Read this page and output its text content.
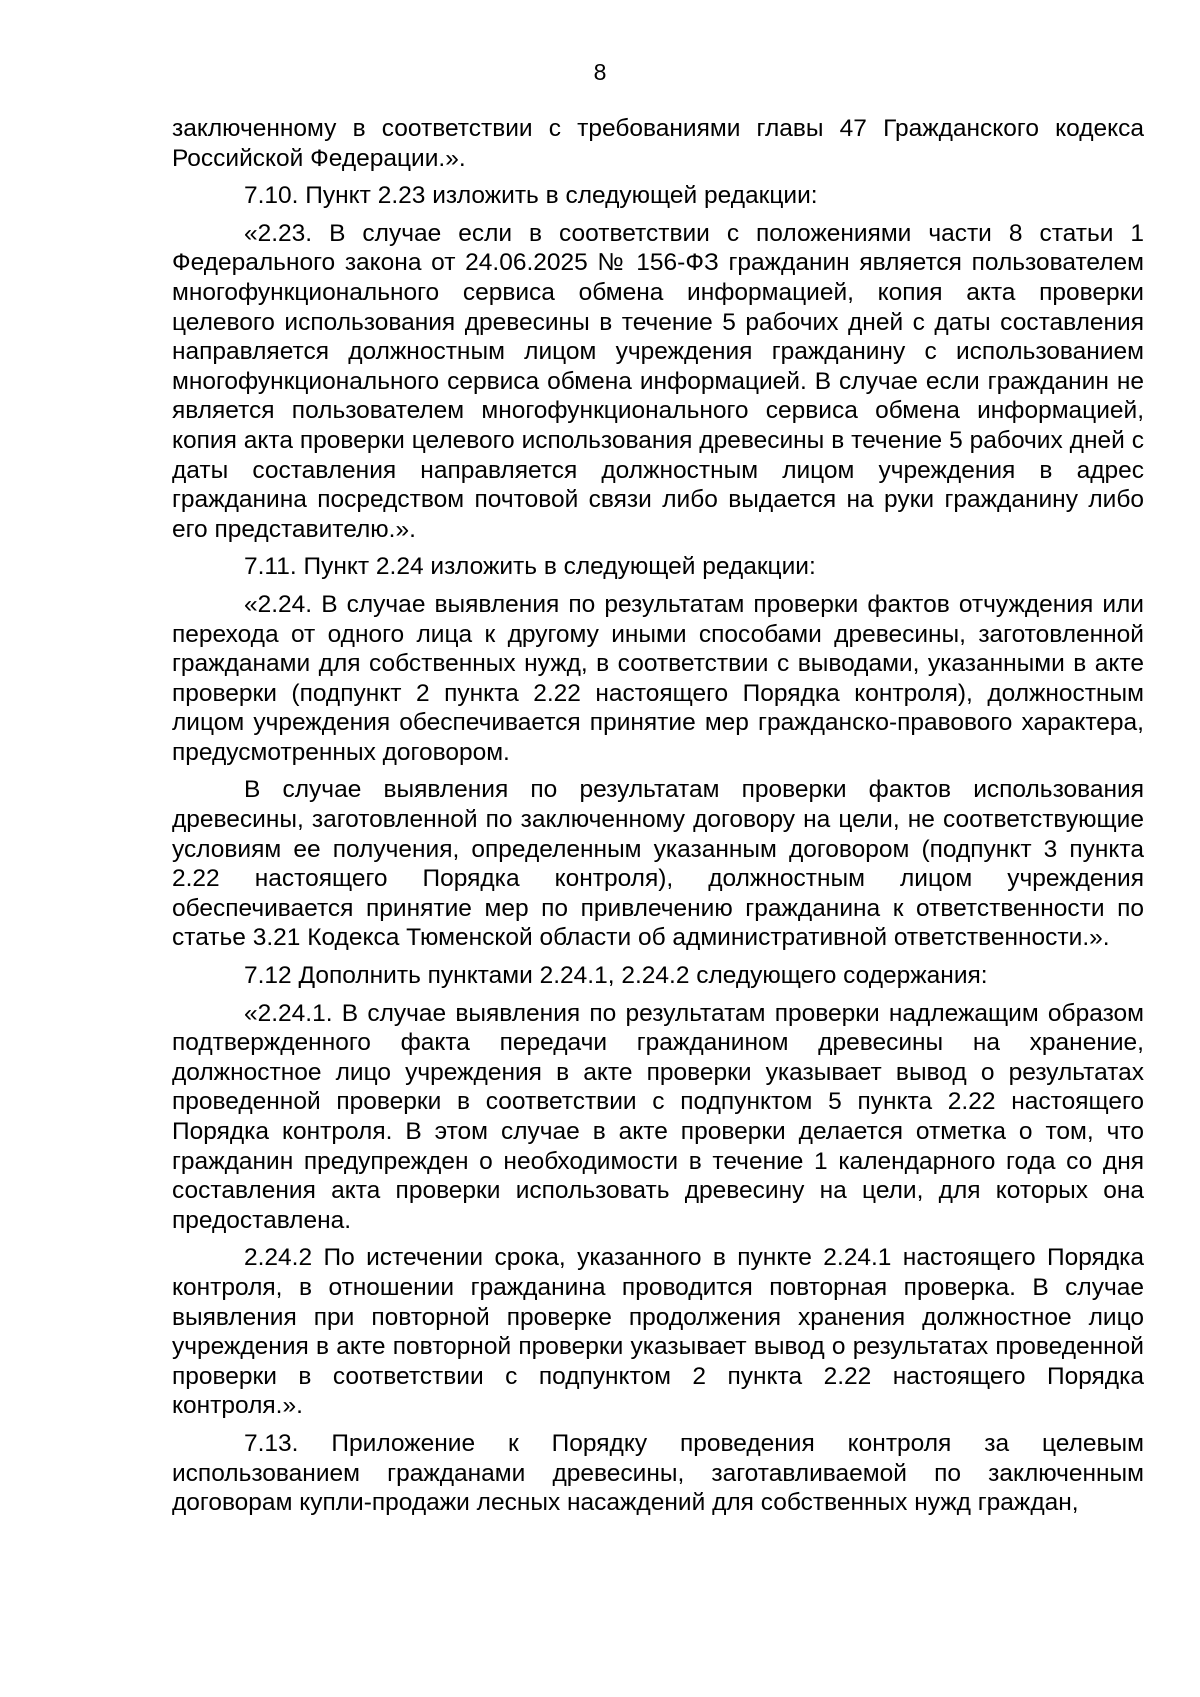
8

заключенному в соответствии с требованиями главы 47 Гражданского кодекса Российской Федерации.».

7.10. Пункт 2.23 изложить в следующей редакции:

«2.23. В случае если в соответствии с положениями части 8 статьи 1 Федерального закона от 24.06.2025 № 156-ФЗ гражданин является пользователем многофункционального сервиса обмена информацией, копия акта проверки целевого использования древесины в течение 5 рабочих дней с даты составления направляется должностным лицом учреждения гражданину с использованием многофункционального сервиса обмена информацией. В случае если гражданин не является пользователем многофункционального сервиса обмена информацией, копия акта проверки целевого использования древесины в течение 5 рабочих дней с даты составления направляется должностным лицом учреждения в адрес гражданина посредством почтовой связи либо выдается на руки гражданину либо его представителю.».

7.11. Пункт 2.24 изложить в следующей редакции:

«2.24. В случае выявления по результатам проверки фактов отчуждения или перехода от одного лица к другому иными способами древесины, заготовленной гражданами для собственных нужд, в соответствии с выводами, указанными в акте проверки (подпункт 2 пункта 2.22 настоящего Порядка контроля), должностным лицом учреждения обеспечивается принятие мер гражданско-правового характера, предусмотренных договором.

В случае выявления по результатам проверки фактов использования древесины, заготовленной по заключенному договору на цели, не соответствующие условиям ее получения, определенным указанным договором (подпункт 3 пункта 2.22 настоящего Порядка контроля), должностным лицом учреждения обеспечивается принятие мер по привлечению гражданина к ответственности по статье 3.21 Кодекса Тюменской области об административной ответственности.».

7.12 Дополнить пунктами 2.24.1, 2.24.2 следующего содержания:

«2.24.1. В случае выявления по результатам проверки надлежащим образом подтвержденного факта передачи гражданином древесины на хранение, должностное лицо учреждения в акте проверки указывает вывод о результатах проведенной проверки в соответствии с подпунктом 5 пункта 2.22 настоящего Порядка контроля. В этом случае в акте проверки делается отметка о том, что гражданин предупрежден о необходимости в течение 1 календарного года со дня составления акта проверки использовать древесину на цели, для которых она предоставлена.

2.24.2 По истечении срока, указанного в пункте 2.24.1 настоящего Порядка контроля, в отношении гражданина проводится повторная проверка. В случае выявления при повторной проверке продолжения хранения должностное лицо учреждения в акте повторной проверки указывает вывод о результатах проведенной проверки в соответствии с подпунктом 2 пункта 2.22 настоящего Порядка контроля.».

7.13. Приложение к Порядку проведения контроля за целевым использованием гражданами древесины, заготавливаемой по заключенным договорам купли-продажи лесных насаждений для собственных нужд граждан,
